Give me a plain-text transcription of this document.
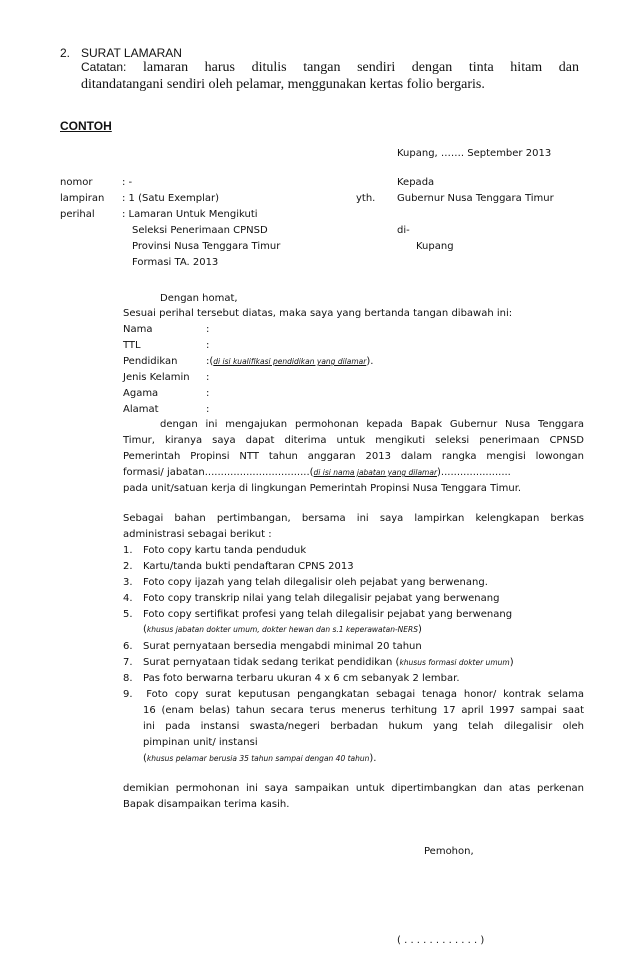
2. SURAT LAMARAN
Catatan: lamaran harus ditulis tangan sendiri dengan tinta hitam dan
ditandatangani sendiri oleh pelamar, menggunakan kertas folio bergaris.
CONTOH
Kupang, ……. September 2013
nomor	: -
lampiran : 1 (Satu Exemplar)
perihal	: Lamaran Untuk Mengikuti
Seleksi Penerimaan CPNSD
Provinsi Nusa Tenggara Timur
Formasi TA. 2013
Kepada
yth. Gubernur Nusa Tenggara Timur
di-
Kupang
Dengan homat,
Sesuai perihal tersebut diatas, maka saya yang bertanda tangan dibawah ini:
Nama	:
TTL	:
Pendidikan	:(di isi kualifikasi pendidikan yang dilamar).
Jenis Kelamin :
Agama	:
Alamat	:
dengan ini mengajukan permohonan kepada Bapak Gubernur Nusa Tenggara
Timur, kiranya saya dapat diterima untuk mengikuti seleksi penerimaan CPNSD
Pemerintah Propinsi NTT tahun anggaran 2013 dalam rangka mengisi lowongan
formasi/ jabatan.................................(di isi nama jabatan yang dilamar)......................
pada unit/satuan kerja di lingkungan Pemerintah Propinsi Nusa Tenggara Timur.
Sebagai bahan pertimbangan, bersama ini saya lampirkan kelengkapan berkas
administrasi sebagai berikut :
1. Foto copy kartu tanda penduduk
2. Kartu/tanda bukti pendaftaran CPNS 2013
3. Foto copy ijazah yang telah dilegalisir oleh pejabat yang berwenang.
4. Foto copy transkrip nilai yang telah dilegalisir pejabat yang berwenang
5. Foto copy sertifikat profesi yang telah dilegalisir pejabat yang berwenang
(khusus jabatan dokter umum, dokter hewan dan s.1 keperawatan-NERS)
6. Surat pernyataan bersedia mengabdi minimal 20 tahun
7. Surat pernyataan tidak sedang terikat pendidikan (khusus formasi dokter umum)
8. Pas foto berwarna terbaru ukuran 4 x 6 cm sebanyak 2 lembar.
9. Foto copy surat keputusan pengangkatan sebagai tenaga honor/ kontrak selama
16 (enam belas) tahun secara terus menerus terhitung 17 april 1997 sampai saat
ini pada instansi swasta/negeri berbadan hukum yang telah dilegalisir oleh
pimpinan unit/ instansi
(khusus pelamar berusia 35 tahun sampai dengan 40 tahun).
demikian permohonan ini saya sampaikan untuk dipertimbangkan dan atas perkenan
Bapak disampaikan terima kasih.
Pemohon,
( . . . . . . . . . . . . )
